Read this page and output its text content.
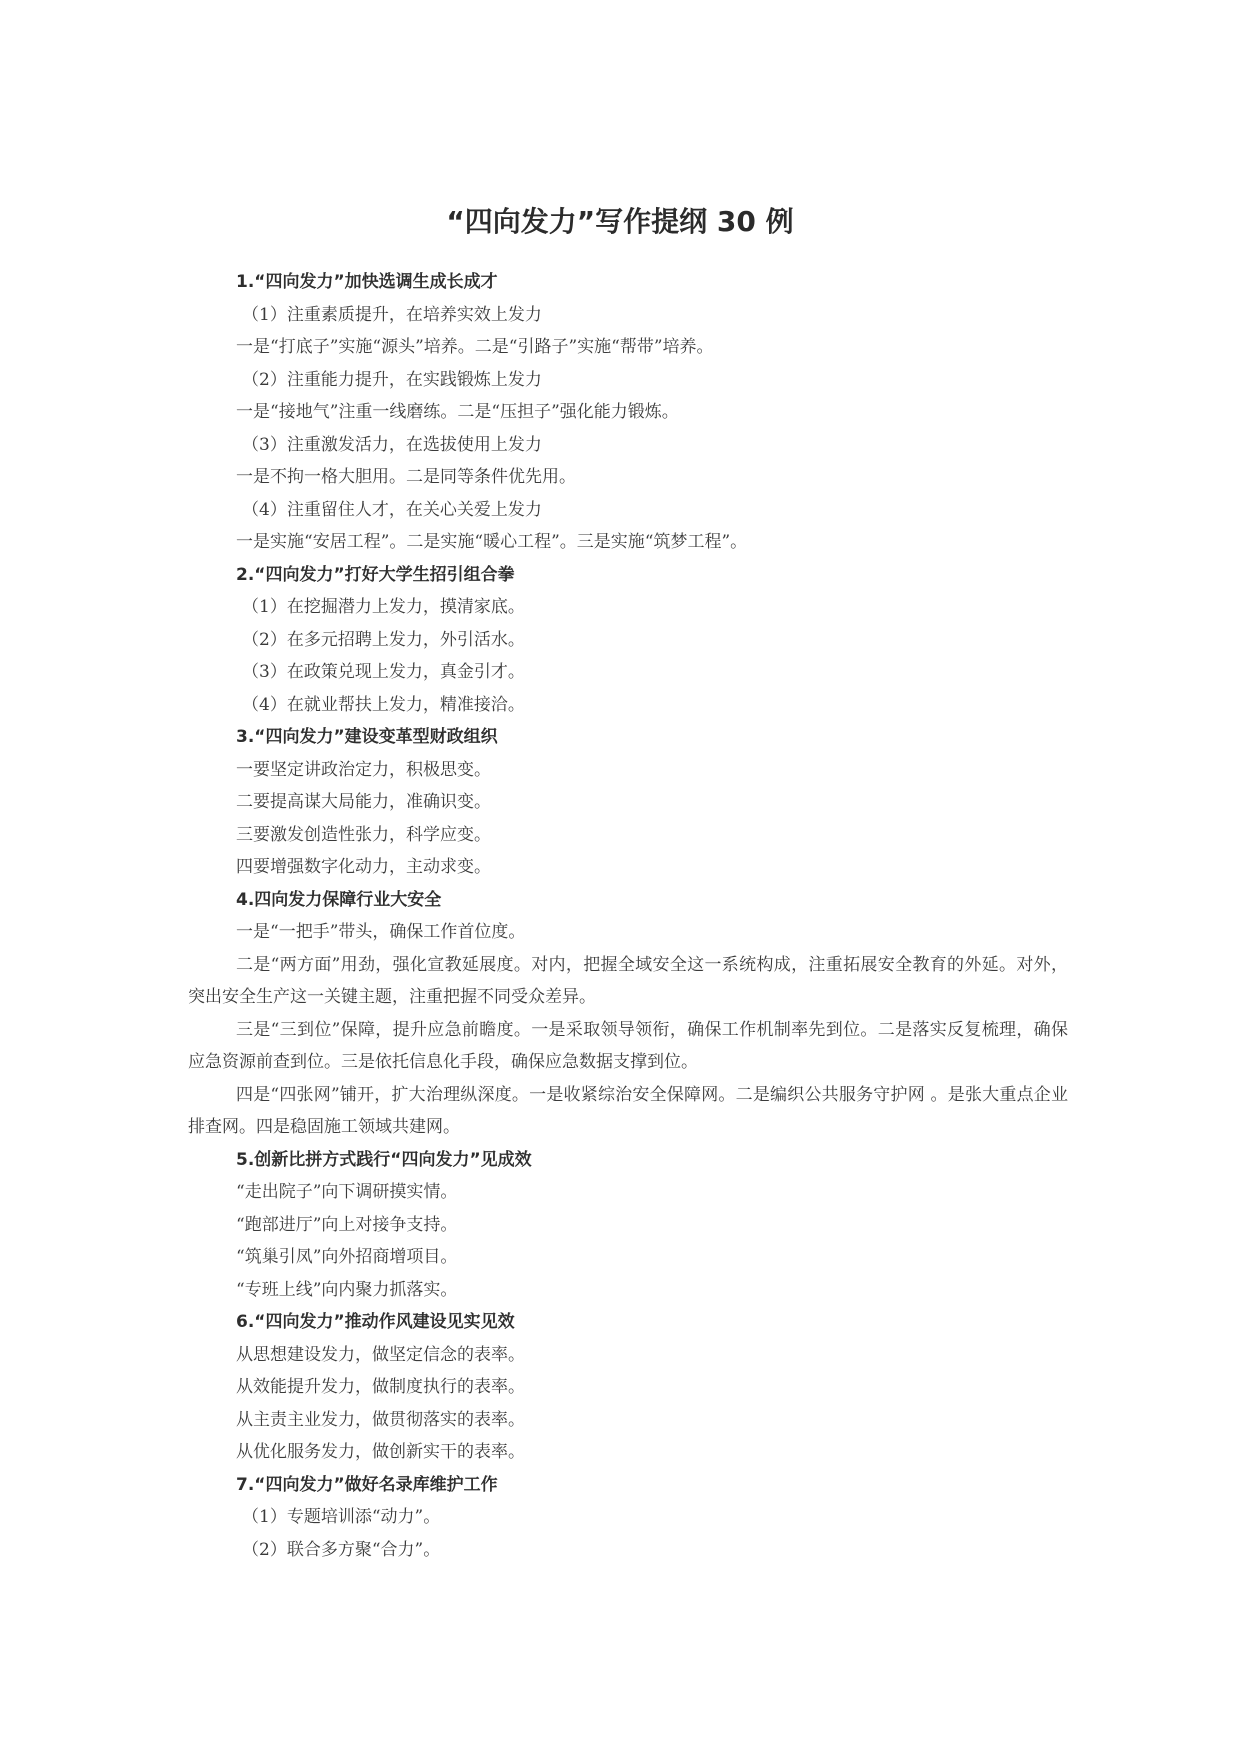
“四向发力”写作提纲 30 例
1.“四向发力”加快选调生成长成才
（1）注重素质提升，在培养实效上发力
一是“打底子”实施“源头”培养。二是“引路子”实施“帮带”培养。
（2）注重能力提升，在实践锻炼上发力
一是“接地气”注重一线磨练。二是“压担子”强化能力锻炼。
（3）注重激发活力，在选拔使用上发力
一是不拘一格大胆用。二是同等条件优先用。
（4）注重留住人才，在关心关爱上发力
一是实施“安居工程”。二是实施“暖心工程”。三是实施“筑梦工程”。
2.“四向发力”打好大学生招引组合拳
（1）在挖掘潜力上发力，摸清家底。
（2）在多元招聘上发力，外引活水。
（3）在政策兑现上发力，真金引才。
（4）在就业帮扶上发力，精准接洽。
3.“四向发力”建设变革型财政组织
一要坚定讲政治定力，积极思变。
二要提高谋大局能力，准确识变。
三要激发创造性张力，科学应变。
四要增强数字化动力，主动求变。
4.四向发力保障行业大安全
一是“一把手”带头，确保工作首位度。
二是“两方面”用劲，强化宣教延展度。对内，把握全域安全这一系统构成，注重拓展安全教育的外延。对外，突出安全生产这一关键主题，注重把握不同受众差异。
三是“三到位”保障，提升应急前瞻度。一是采取领导领衔，确保工作机制率先到位。二是落实反复梳理，确保应急资源前查到位。三是依托信息化手段，确保应急数据支撑到位。
四是“四张网”铺开，扩大治理纵深度。一是收紧综治安全保障网。二是编织公共服务守护网 。是张大重点企业排查网。四是稳固施工领域共建网。
5.创新比拼方式践行“四向发力”见成效
“走出院子”向下调研摸实情。
“跑部进厅”向上对接争支持。
“筑巢引凤”向外招商增项目。
“专班上线”向内聚力抓落实。
6.“四向发力”推动作风建设见实见效
从思想建设发力，做坚定信念的表率。
从效能提升发力，做制度执行的表率。
从主责主业发力，做贯彻落实的表率。
从优化服务发力，做创新实干的表率。
7.“四向发力”做好名录库维护工作
（1）专题培训添“动力”。
（2）联合多方聚“合力”。
